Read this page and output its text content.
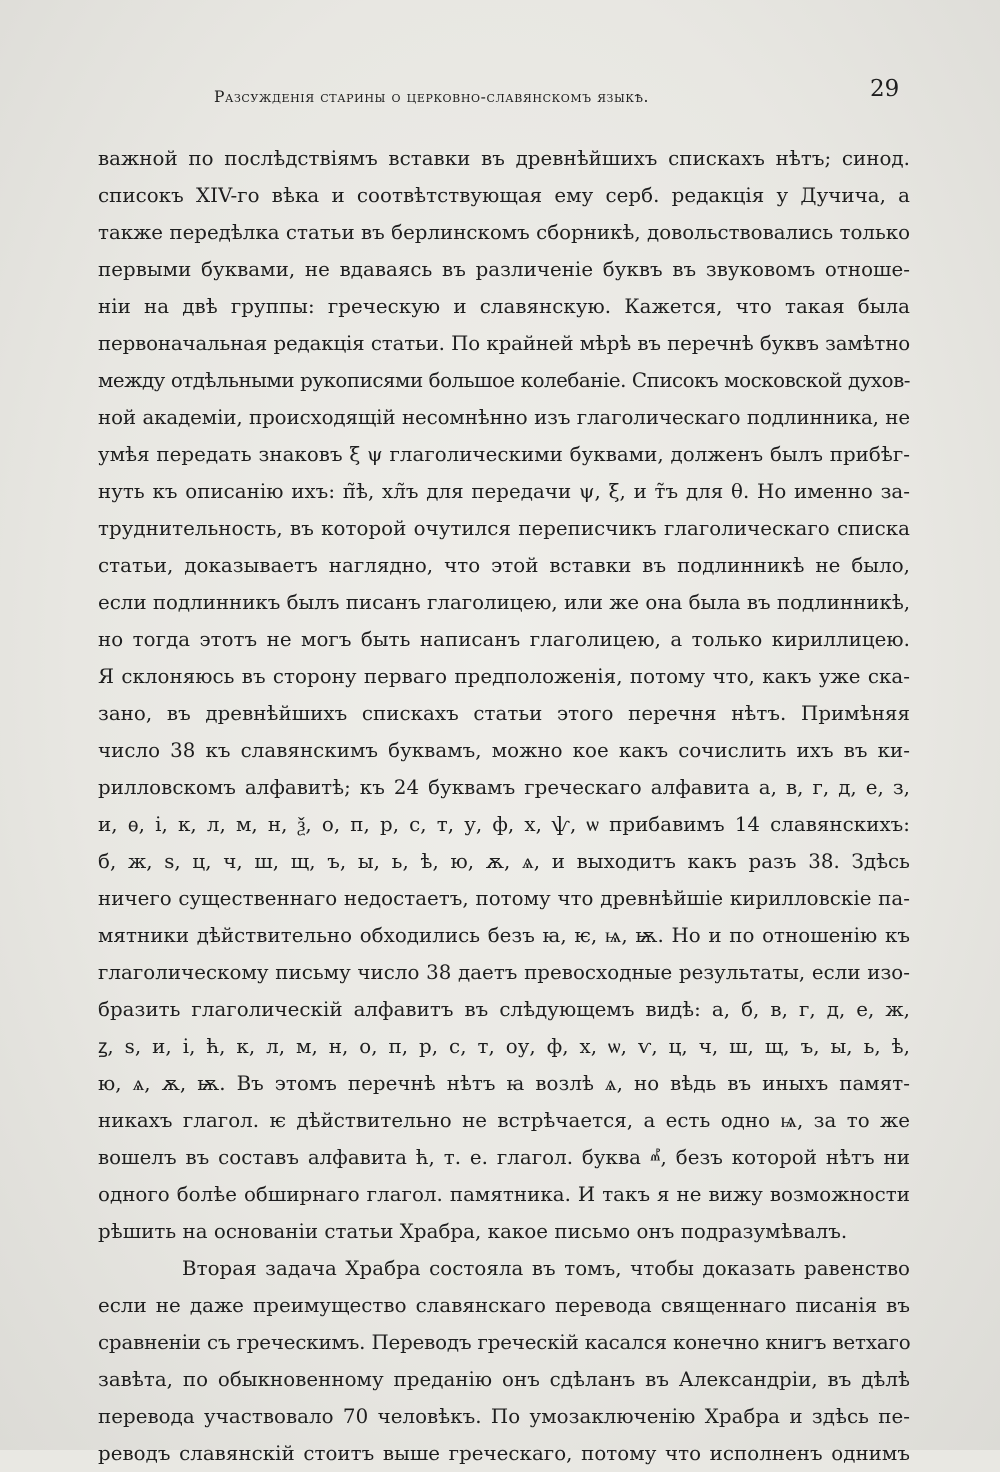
Разсужденія старины о церковно-славянскомъ языкѣ.	29
важной по послѣдствіямъ вставки въ древнѣйшихъ спискахъ нѣтъ; синод.
списокъ XIV-го вѣка и соотвѣтствующая ему серб. редакція у Дучича, а
также передѣлка статьи въ берлинскомъ сборникѣ, довольствовались только
первыми буквами, не вдаваясь въ различеніе буквъ въ звуковомъ отноше-
ніи на двѣ группы: греческую и славянскую. Кажется, что такая была
первоначальная редакція статьи. По крайней мѣрѣ въ перечнѣ буквъ замѣтно
между отдѣльными рукописями большое колебаніе. Списокъ московской духов-
ной академіи, происходящій несомнѣнно изъ глаголическаго подлинника, не
умѣя передать знаковъ ξ ψ глаголическими буквами, долженъ былъ прибѣг-
нуть къ описанію ихъ: п̃ѣ, хл̃ъ для передачи ψ, ξ, и т̃ъ для θ. Но именно за-
труднительность, въ которой очутился переписчикъ глаголическаго списка
статьи, доказываетъ наглядно, что этой вставки въ подлинникѣ не было,
если подлинникъ былъ писанъ глаголицею, или же она была въ подлинникѣ,
но тогда этотъ не могъ быть написанъ глаголицею, а только кириллицею.
Я склоняюсь въ сторону перваго предположенія, потому что, какъ уже ска-
зано, въ древнѣйшихъ спискахъ статьи этого перечня нѣтъ. Примѣняя
число 38 къ славянскимъ буквамъ, можно кое какъ сочислить ихъ въ ки-
рилловскомъ алфавитѣ; къ 24 буквамъ греческаго алфавита а, в, г, д, е, з,
и, ѳ, і, к, л, м, н, ѯ, о, п, р, с, т, у, ф, х, ѱ, ѡ прибавимъ 14 славянскихъ:
б, ж, ѕ, ц, ч, ш, щ, ъ, ы, ь, ѣ, ю, ѫ, ѧ, и выходитъ какъ разъ 38. Здѣсь
ничего существеннаго недостаетъ, потому что древнѣйшіе кирилловскіе па-
мятники дѣйствительно обходились безъ ꙗ, ѥ, ѩ, ѭ. Но и по отношенію къ
глаголическому письму число 38 даетъ превосходные результаты, если изо-
бразить глаголическій алфавитъ въ слѣдующемъ видѣ: а, б, в, г, д, е, ж,
ꙁ, ѕ, и, і, ћ, к, л, м, н, о, п, р, с, т, оу, ф, х, ѡ, ѵ, ц, ч, ш, щ, ъ, ы, ь, ѣ,
ю, ѧ, ѫ, ѭ. Въ этомъ перечнѣ нѣтъ ꙗ возлѣ ѧ, но вѣдь въ иныхъ памят-
никахъ глагол. ѥ дѣйствительно не встрѣчается, а есть одно ѩ, за то же
вошелъ въ составъ алфавита ћ, т. е. глагол. буква ⰼ, безъ которой нѣтъ ни
одного болѣе обширнаго глагол. памятника. И такъ я не вижу возможности
рѣшить на основаніи статьи Храбра, какое письмо онъ подразумѣвалъ.
Вторая задача Храбра состояла въ томъ, чтобы доказать равенство
если не даже преимущество славянскаго перевода священнаго писанія въ
сравненіи съ греческимъ. Переводъ греческій касался конечно книгъ ветхаго
завѣта, по обыкновенному преданію онъ сдѣланъ въ Александріи, въ дѣлѣ
перевода участвовало 70 человѣкъ. По умозаключенію Храбра и здѣсь пе-
реводъ славянскій стоитъ выше греческаго, потому что исполненъ однимъ
